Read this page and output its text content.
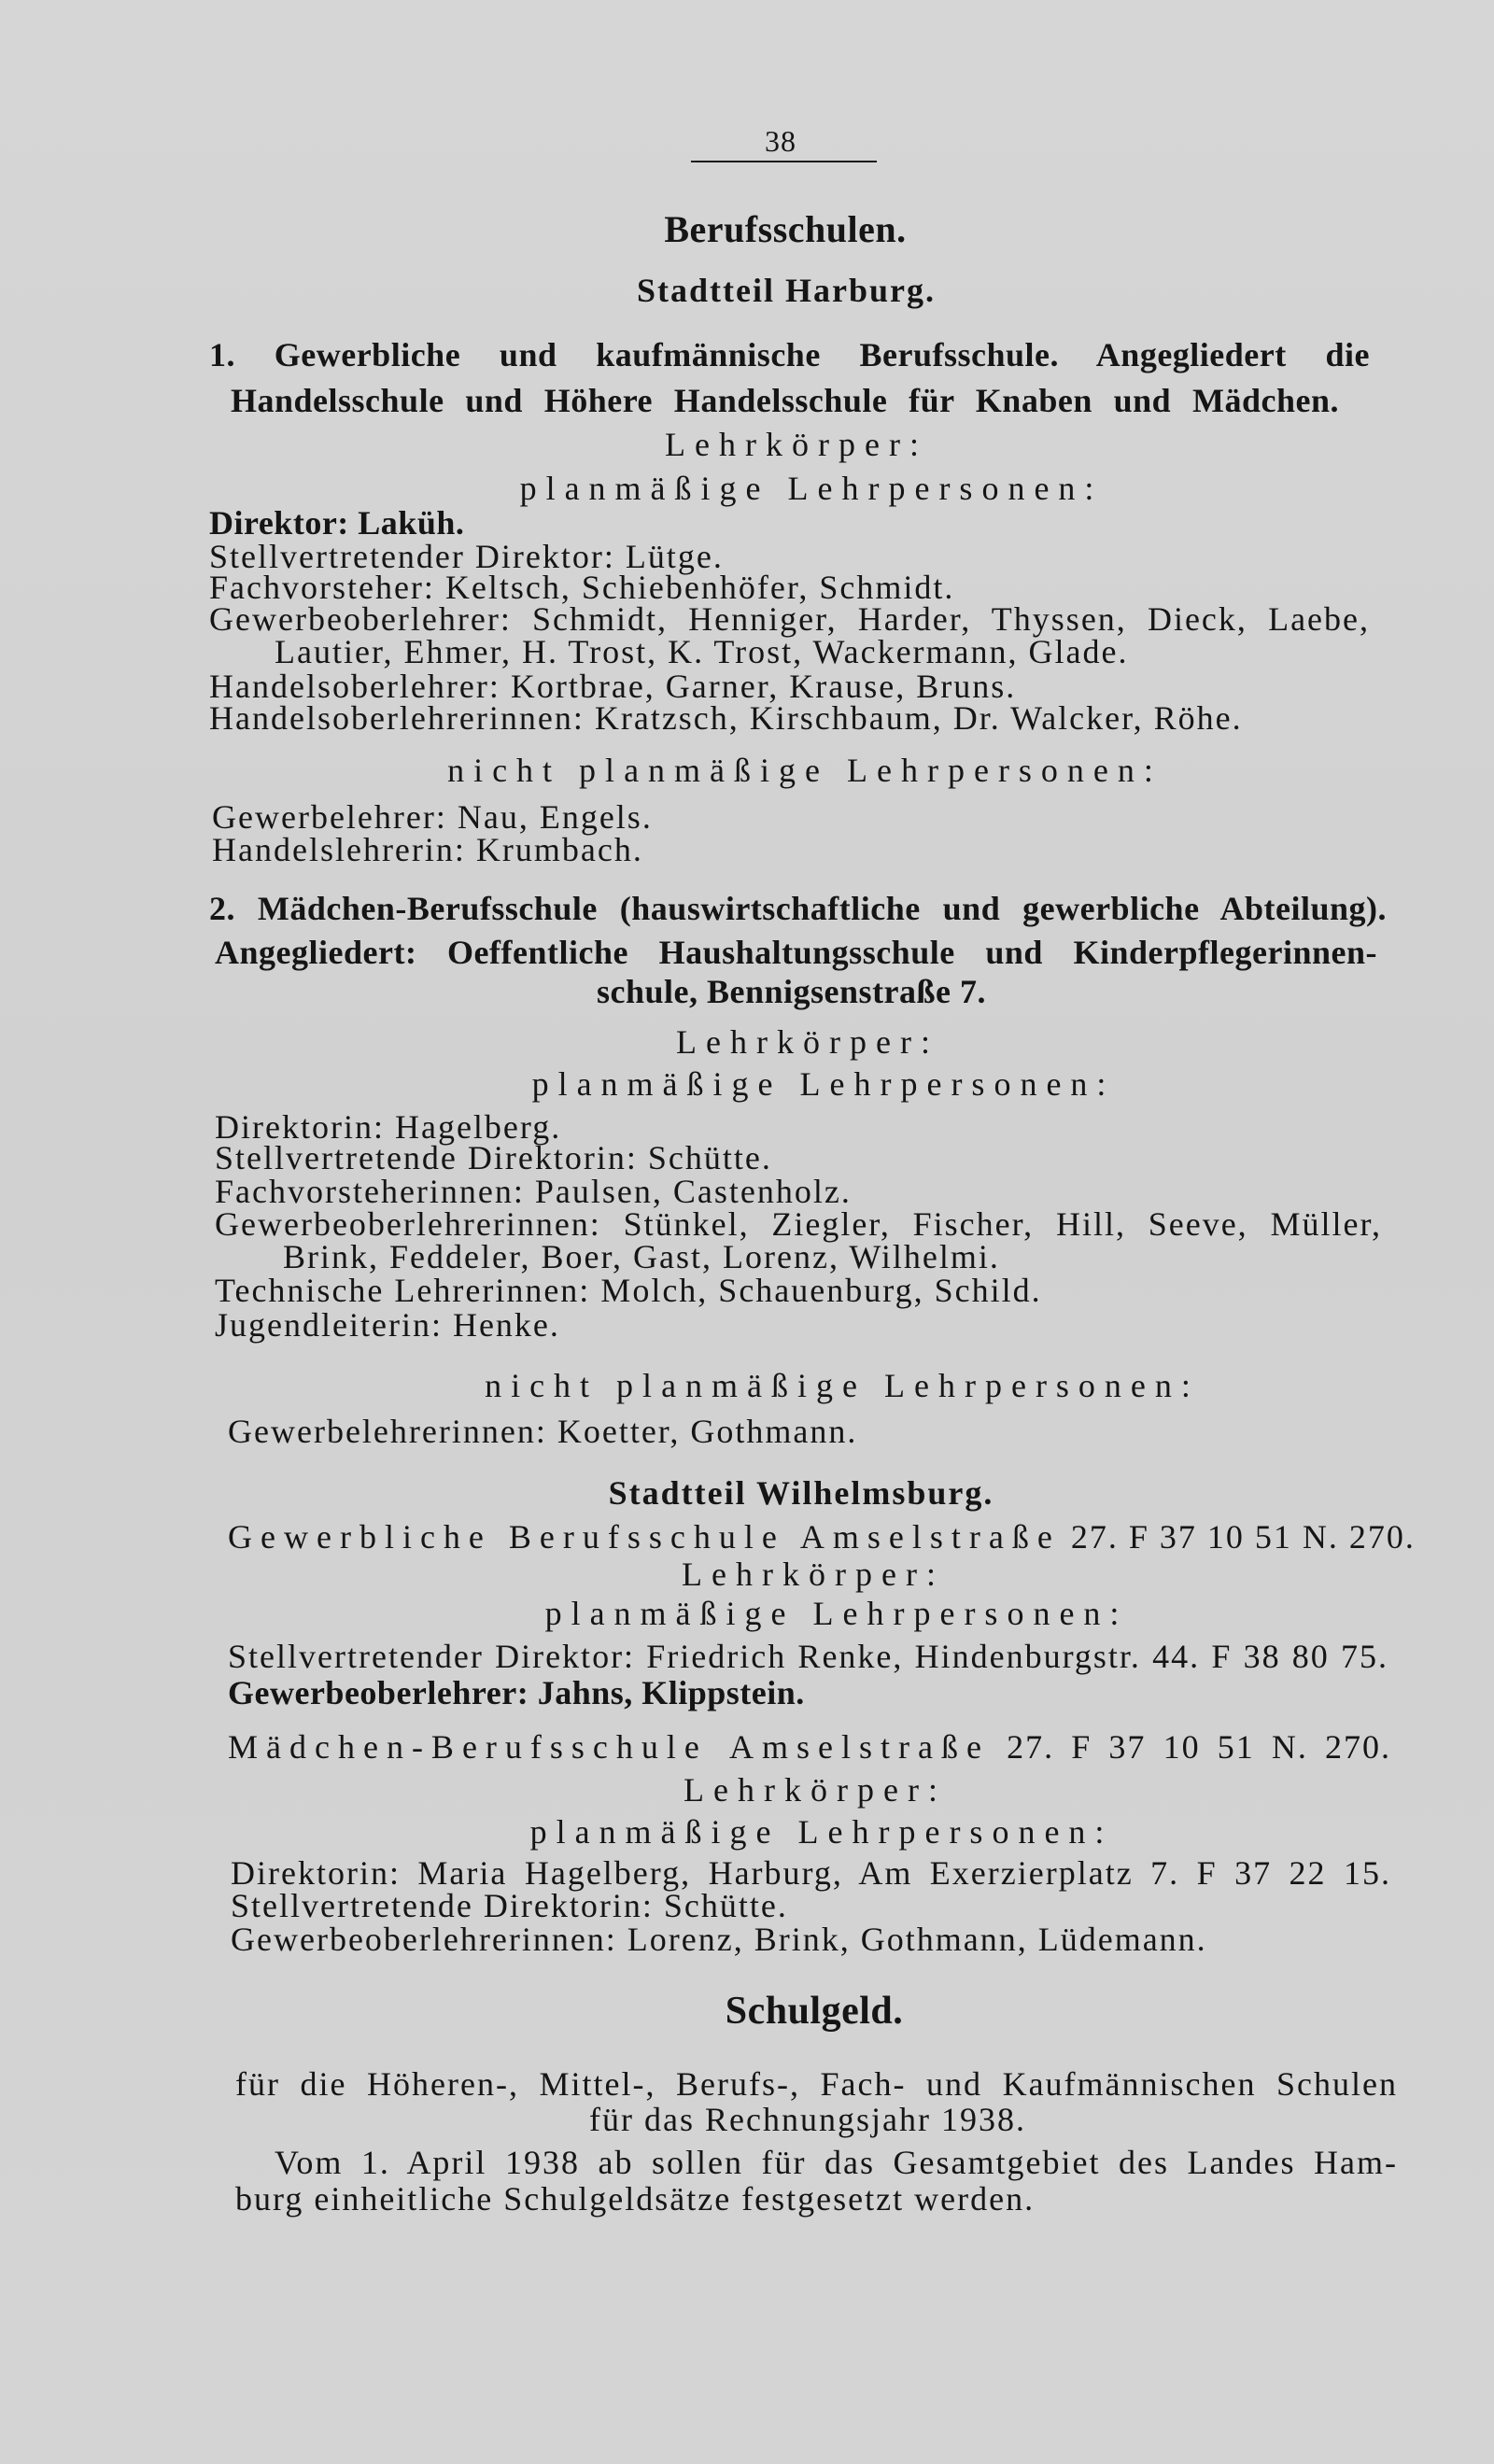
38
Berufsschulen.
Stadtteil Harburg.
1. Gewerbliche und kaufmännische Berufsschule. Angegliedert die
Handelsschule und Höhere Handelsschule für Knaben und Mädchen.
Lehrkörper:
planmäßige Lehrpersonen:
Direktor: Laküh.
Stellvertretender Direktor: Lütge.
Fachvorsteher: Keltsch, Schiebenhöfer, Schmidt.
Gewerbeoberlehrer: Schmidt, Henniger, Harder, Thyssen, Dieck, Laebe,
Lautier, Ehmer, H. Trost, K. Trost, Wackermann, Glade.
Handelsoberlehrer: Kortbrae, Garner, Krause, Bruns.
Handelsoberlehrerinnen: Kratzsch, Kirschbaum, Dr. Walcker, Röhe.
nicht planmäßige Lehrpersonen:
Gewerbelehrer: Nau, Engels.
Handelslehrerin: Krumbach.
2. Mädchen-Berufsschule (hauswirtschaftliche und gewerbliche Abteilung).
Angegliedert: Oeffentliche Haushaltungsschule und Kinderpflegerinnen-
schule, Bennigsenstraße 7.
Lehrkörper:
planmäßige Lehrpersonen:
Direktorin: Hagelberg.
Stellvertretende Direktorin: Schütte.
Fachvorsteherinnen: Paulsen, Castenholz.
Gewerbeoberlehrerinnen: Stünkel, Ziegler, Fischer, Hill, Seeve, Müller,
Brink, Feddeler, Boer, Gast, Lorenz, Wilhelmi.
Technische Lehrerinnen: Molch, Schauenburg, Schild.
Jugendleiterin: Henke.
nicht planmäßige Lehrpersonen:
Gewerbelehrerinnen: Koetter, Gothmann.
Stadtteil Wilhelmsburg.
Gewerbliche Berufsschule Amselstraße 27. F 37 10 51 N. 270.
Lehrkörper:
planmäßige Lehrpersonen:
Stellvertretender Direktor: Friedrich Renke, Hindenburgstr. 44. F 38 80 75.
Gewerbeoberlehrer: Jahns, Klippstein.
Mädchen-Berufsschule Amselstraße 27. F 37 10 51 N. 270.
Lehrkörper:
planmäßige Lehrpersonen:
Direktorin: Maria Hagelberg, Harburg, Am Exerzierplatz 7. F 37 22 15.
Stellvertretende Direktorin: Schütte.
Gewerbeoberlehrerinnen: Lorenz, Brink, Gothmann, Lüdemann.
Schulgeld.
für die Höheren-, Mittel-, Berufs-, Fach- und Kaufmännischen Schulen
für das Rechnungsjahr 1938.
Vom 1. April 1938 ab sollen für das Gesamtgebiet des Landes Ham-
burg einheitliche Schulgeldsätze festgesetzt werden.
